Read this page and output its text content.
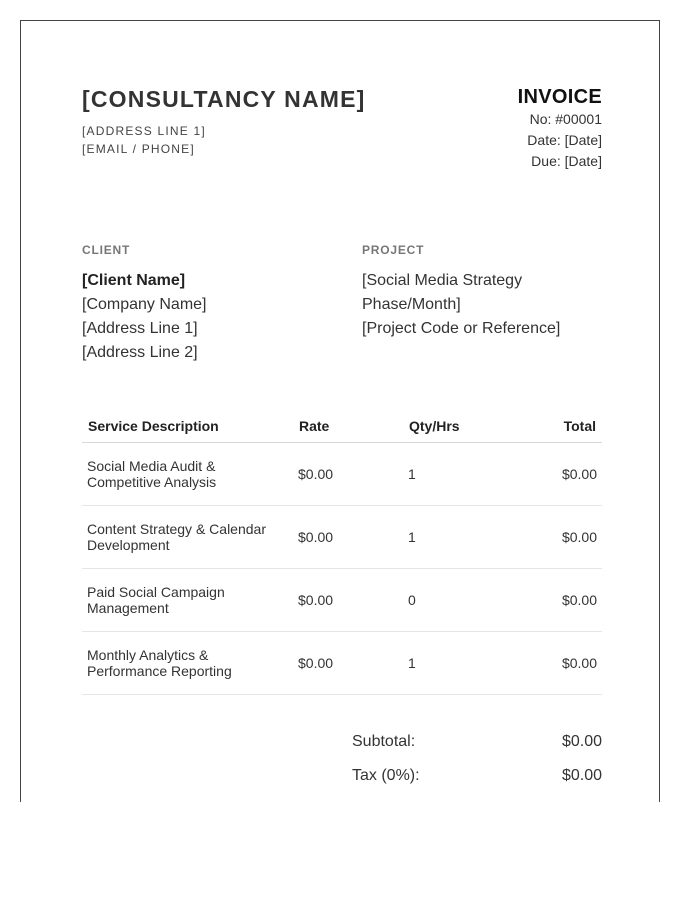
[CONSULTANCY NAME]
[ADDRESS LINE 1]
[EMAIL / PHONE]
INVOICE
No: #00001
Date: [Date]
Due: [Date]
CLIENT	PROJECT
[Client Name]
[Company Name]
[Address Line 1]
[Address Line 2]
[Social Media Strategy
Phase/Month]
[Project Code or Reference]
Service Description	Rate	Qty/Hrs	Total
Social Media Audit &
Competitive Analysis	$0.00	1	$0.00
Content Strategy & Calendar
Development	$0.00	1	$0.00
Paid Social Campaign
Management	$0.00	0	$0.00
Monthly Analytics &
Performance Reporting	$0.00	1	$0.00
Subtotal:	$0.00
Tax (0%):	$0.00
